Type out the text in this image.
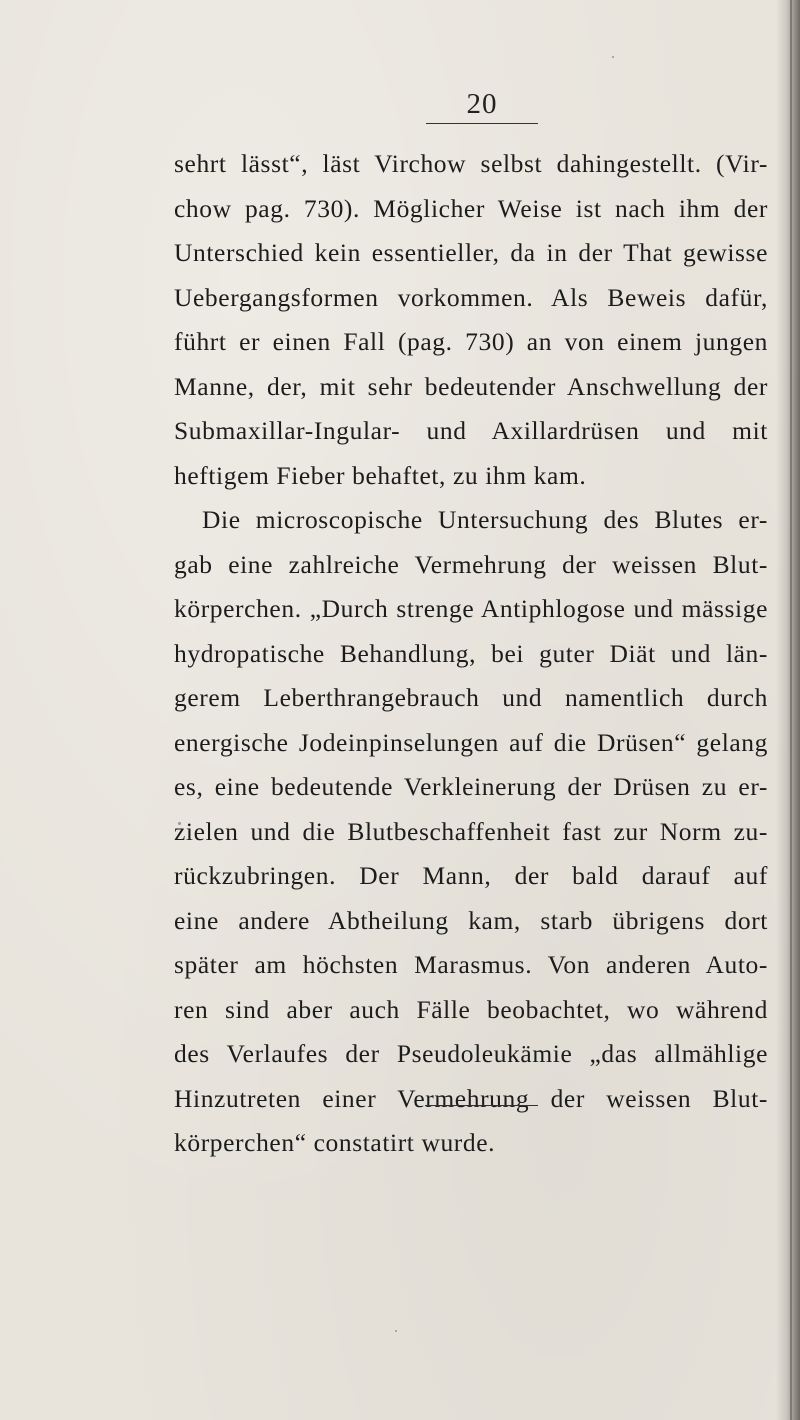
20
sehrt lässt“, läst Virchow selbst dahingestellt. (Vir-
chow pag. 730). Möglicher Weise ist nach ihm der
Unterschied kein essentieller, da in der That gewisse
Uebergangsformen vorkommen. Als Beweis dafür,
führt er einen Fall (pag. 730) an von einem jungen
Manne, der, mit sehr bedeutender Anschwellung der
Submaxillar-Ingular- und Axillardrüsen und mit
heftigem Fieber behaftet, zu ihm kam.
Die microscopische Untersuchung des Blutes er-
gab eine zahlreiche Vermehrung der weissen Blut-
körperchen. „Durch strenge Antiphlogose und mässige
hydropatische Behandlung, bei guter Diät und län-
gerem Leberthrangebrauch und namentlich durch
energische Jodeinpinselungen auf die Drüsen“ gelang
es, eine bedeutende Verkleinerung der Drüsen zu er-
zielen und die Blutbeschaffenheit fast zur Norm zu-
rückzubringen. Der Mann, der bald darauf auf
eine andere Abtheilung kam, starb übrigens dort
später am höchsten Marasmus. Von anderen Auto-
ren sind aber auch Fälle beobachtet, wo während
des Verlaufes der Pseudoleukämie „das allmählige
Hinzutreten einer Vermehrung der weissen Blut-
körperchen“ constatirt wurde.
